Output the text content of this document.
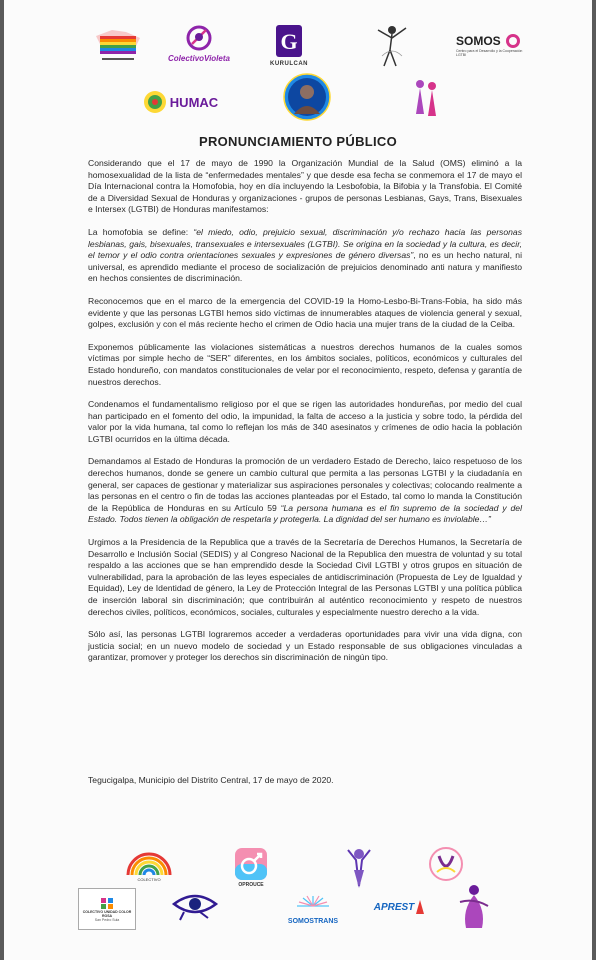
ColectivoVioleta
G
KURULCAN
SOMOS
Centro para el Desarrollo y la Cooperación LGTBI
HUMAC
PRONUNCIAMIENTO PÚBLICO

Considerando que el 17 de mayo de 1990 la Organización Mundial de la Salud (OMS) eliminó a la homosexualidad de la lista de “enfermedades mentales” y que desde esa fecha se conmemora el 17 de mayo el Día Internacional contra la Homofobia, hoy en día incluyendo la Lesbofobia, la Bifobia y la Transfobia. El Comité de a Diversidad Sexual de Honduras y organizaciones - grupos de personas Lesbianas, Gays, Trans, Bisexuales e Intersex (LGTBI) de Honduras manifestamos:

La homofobia se define: “el miedo, odio, prejuicio sexual, discriminación y/o rechazo hacia las personas lesbianas, gais, bisexuales, transexuales e intersexuales (LGTBI). Se origina en la sociedad y la cultura, es decir, el temor y el odio contra orientaciones sexuales y expresiones de género diversas”, no es un hecho natural, ni universal, es aprendido mediante el proceso de socialización de prejuicios denominado anti natura y manifiesto en hechos consientes de discriminación.

Reconocemos que en el marco de la emergencia del COVID-19 la Homo-Lesbo-Bi-Trans-Fobia, ha sido más evidente y que las personas LGTBI hemos sido víctimas de innumerables ataques de violencia general y sexual, golpes, exclusión y con el más reciente hecho el crimen de Odio hacia una mujer trans de la ciudad de la Ceiba.

Exponemos públicamente las violaciones sistemáticas a nuestros derechos humanos de la cuales somos víctimas por simple hecho de “SER” diferentes, en los ámbitos sociales, políticos, económicos y culturales del Estado hondureño, con mandatos constitucionales de velar por el reconocimiento, respeto, defensa y garantía de nuestros derechos.

Condenamos el fundamentalismo religioso por el que se rigen las autoridades hondureñas, por medio del cual han participado en el fomento del odio, la impunidad, la falta de acceso a la justicia y sobre todo, la pérdida del valor por la vida humana, tal como lo reflejan los más de 340 asesinatos y crímenes de odio hacia la población LGTBI ocurridos en la última década.

Demandamos al Estado de Honduras la promoción de un verdadero Estado de Derecho, laico respetuoso de los derechos humanos, donde se genere un cambio cultural que permita a las personas LGTBI y la ciudadanía en general, ser capaces de gestionar y materializar sus aspiraciones personales y colectivas; colocando realmente a las personas en el centro o fin de todas las acciones planteadas por el Estado, tal como lo manda la Constitución de la República de Honduras en su Artículo 59 “La persona humana es el fin supremo de la sociedad y del Estado. Todos tienen la obligación de respetarla y protegerla. La dignidad del ser humano es inviolable…”

Urgimos a la Presidencia de la Republica que a través de la Secretaría de Derechos Humanos, la Secretaría de Desarrollo e Inclusión Social (SEDIS) y al Congreso Nacional de la Republica den muestra de voluntad y su total respaldo a las acciones que se han emprendido desde la Sociedad Civil LGTBI y otros grupos en situación de vulnerabilidad, para la aprobación de las leyes especiales de antidiscriminación (Propuesta de Ley de Igualdad y Equidad), Ley de Identidad de género, la Ley de Protección Integral de las Personas LGTBI y una política pública de inserción laboral sin discriminación; que contribuirán al auténtico reconocimiento y respeto de nuestros derechos civiles, políticos, económicos, sociales, culturales y especialmente nuestro derecho a la vida.

Sólo así, las personas LGTBI lograremos acceder a verdaderas oportunidades para vivir una vida digna, con justicia social; en un nuevo modelo de sociedad y un Estado responsable de sus obligaciones vinculadas a garantizar, promover y proteger los derechos sin discriminación de ningún tipo.

Tegucigalpa, Municipio del Distrito Central, 17 de mayo de 2020.
COLECTIVO
OPROUCE
COLECTIVO UNIDAD COLOR ROSA
San Pedro Sula	SOMOSTRANS
APREST
